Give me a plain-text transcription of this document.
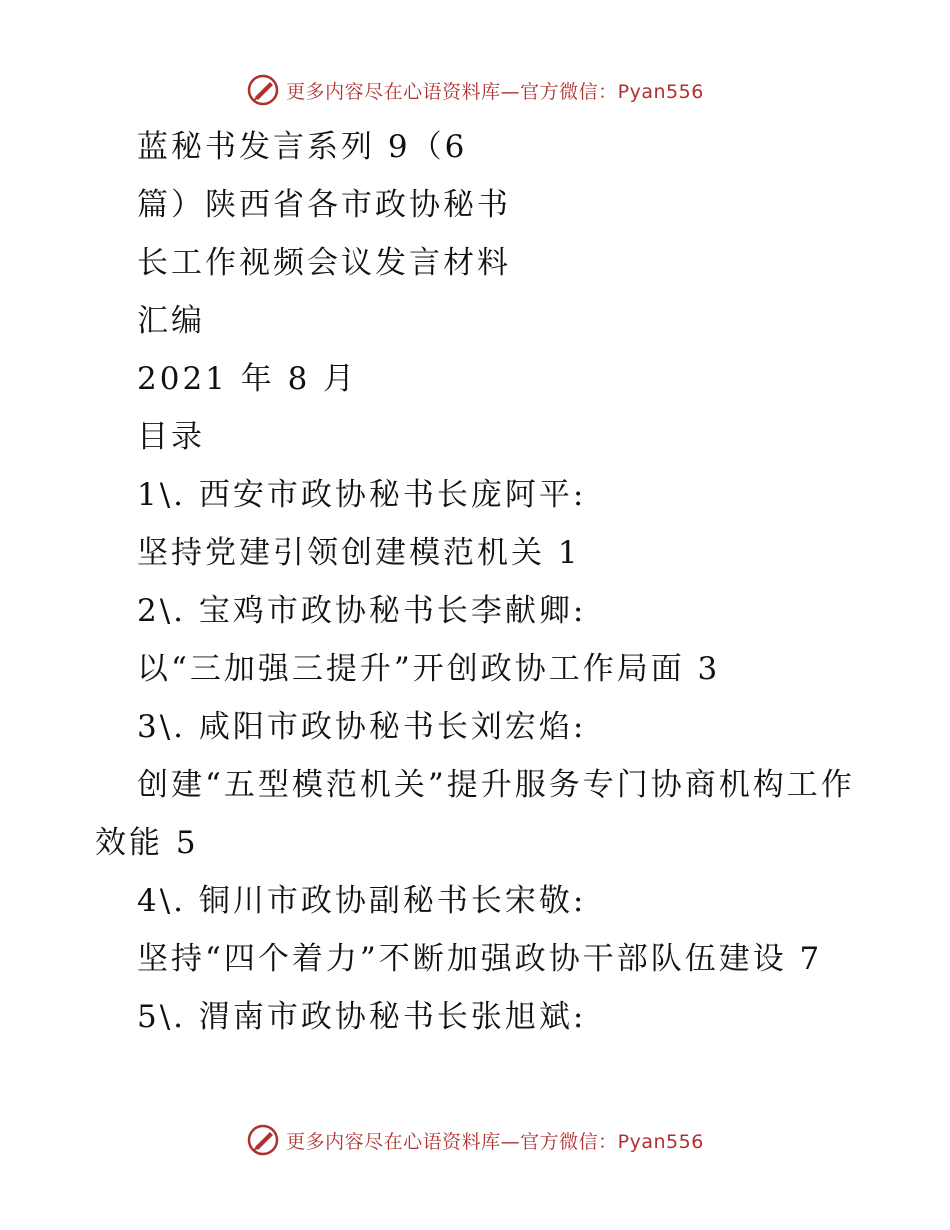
更多内容尽在心语资料库—官方微信：Pyan556
蓝秘书发言系列 9（6
篇）陕西省各市政协秘书
长工作视频会议发言材料
汇编
2021 年 8 月
目录
1\. 西安市政协秘书长庞阿平:
坚持党建引领创建模范机关 1
2\. 宝鸡市政协秘书长李献卿:
以“三加强三提升”开创政协工作局面 3
3\. 咸阳市政协秘书长刘宏焰:
创建“五型模范机关”提升服务专门协商机构工作效能 5
4\. 铜川市政协副秘书长宋敬:
坚持“四个着力”不断加强政协干部队伍建设 7
5\. 渭南市政协秘书长张旭斌:
更多内容尽在心语资料库—官方微信：Pyan556
